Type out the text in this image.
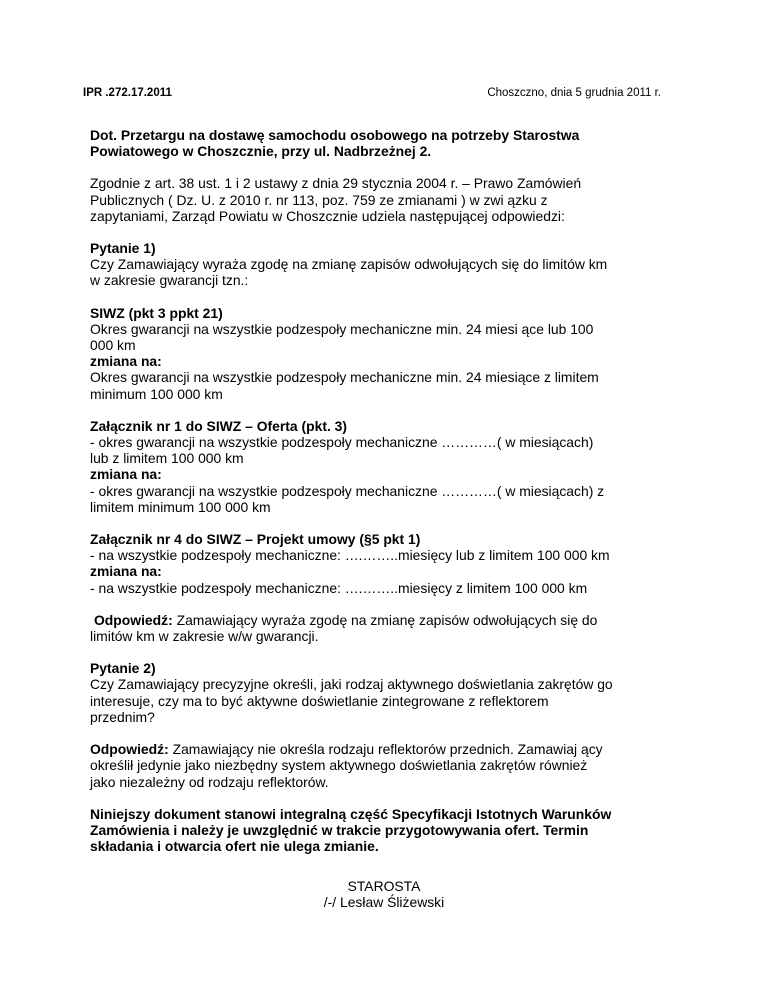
IPR .272.17.2011	Choszczno, dnia 5 grudnia 2011 r.

Dot. Przetargu na dostawę samochodu osobowego na potrzeby Starostwa
Powiatowego w Choszcznie, przy ul. Nadbrzeżnej 2.

Zgodnie z art. 38 ust. 1 i 2 ustawy z dnia 29 stycznia 2004 r. – Prawo Zamówień
Publicznych ( Dz. U. z 2010 r. nr 113, poz. 759 ze zmianami ) w zwi ązku z
zapytaniami, Zarząd Powiatu w Choszcznie udziela następującej odpowiedzi:

Pytanie 1)
Czy Zamawiający wyraża zgodę na zmianę zapisów odwołujących się do limitów km
w zakresie gwarancji tzn.:

SIWZ (pkt 3 ppkt 21)
Okres gwarancji na wszystkie podzespoły mechaniczne min. 24 miesi ące lub 100
000 km
zmiana na:
Okres gwarancji na wszystkie podzespoły mechaniczne min. 24 miesiące z limitem
minimum 100 000 km

Załącznik nr 1 do SIWZ – Oferta (pkt. 3)
- okres gwarancji na wszystkie podzespoły mechaniczne …………( w miesiącach)
lub z limitem 100 000 km
zmiana na:
- okres gwarancji na wszystkie podzespoły mechaniczne …………( w miesiącach) z
limitem minimum 100 000 km

Załącznik nr 4 do SIWZ – Projekt umowy (§5 pkt 1)
- na wszystkie podzespoły mechaniczne: ….……..miesięcy lub z limitem 100 000 km
zmiana na:
- na wszystkie podzespoły mechaniczne: ….……..miesięcy z limitem 100 000 km

Odpowiedź: Zamawiający wyraża zgodę na zmianę zapisów odwołujących się do
limitów km w zakresie w/w gwarancji.

Pytanie 2)
Czy Zamawiający precyzyjne określi, jaki rodzaj aktywnego doświetlania zakrętów go
interesuje, czy ma to być aktywne doświetlanie zintegrowane z reflektorem
przednim?

Odpowiedź: Zamawiający nie określa rodzaju reflektorów przednich. Zamawiaj ący
określił jedynie jako niezbędny system aktywnego doświetlania zakrętów również
jako niezależny od rodzaju reflektorów.

Niniejszy dokument stanowi integralną część Specyfikacji Istotnych Warunków
Zamówienia i należy je uwzględnić w trakcie przygotowywania ofert. Termin
składania i otwarcia ofert nie ulega zmianie.

STAROSTA
/-/ Lesław Śliżewski
